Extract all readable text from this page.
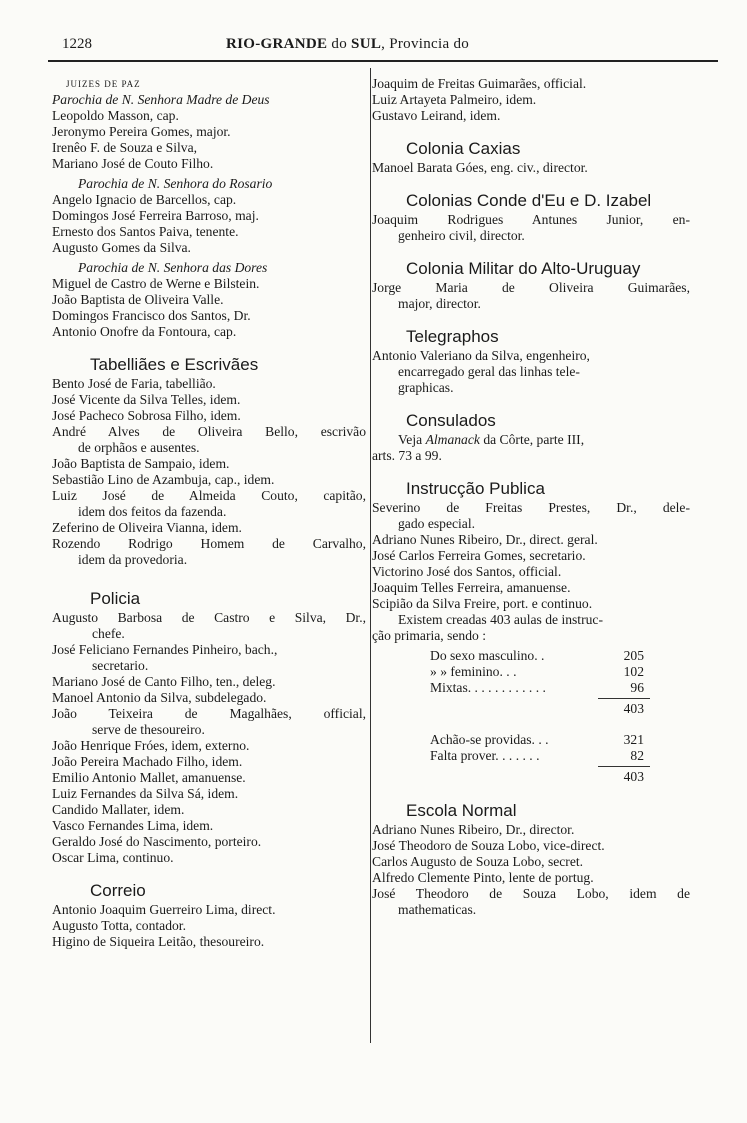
1228	RIO-GRANDE do SUL, Provincia do
JUIZES DE PAZ
Parochia de N. Senhora Madre de Deus
Leopoldo Masson, cap.
Jeronymo Pereira Gomes, major.
Irenêo F. de Souza e Silva,
Mariano José de Couto Filho.
Parochia de N. Senhora do Rosario
Angelo Ignacio de Barcellos, cap.
Domingos José Ferreira Barroso, maj.
Ernesto dos Santos Paiva, tenente.
Augusto Gomes da Silva.
Parochia de N. Senhora das Dores
Miguel de Castro de Werne e Bilstein.
João Baptista de Oliveira Valle.
Domingos Francisco dos Santos, Dr.
Antonio Onofre da Fontoura, cap.
Tabelliães e Escrivães
Bento José de Faria, tabellião.
José Vicente da Silva Telles, idem.
José Pacheco Sobrosa Filho, idem.
André Alves de Oliveira Bello, escrivão
de orphãos e ausentes.
João Baptista de Sampaio, idem.
Sebastião Lino de Azambuja, cap., idem.
Luiz José de Almeida Couto, capitão,
idem dos feitos da fazenda.
Zeferino de Oliveira Vianna, idem.
Rozendo Rodrigo Homem de Carvalho,
idem da provedoria.
Policia
Augusto Barbosa de Castro e Silva, Dr.,
chefe.
José Feliciano Fernandes Pinheiro, bach.,
secretario.
Mariano José de Canto Filho, ten., deleg.
Manoel Antonio da Silva, subdelegado.
João Teixeira de Magalhães, official,
serve de thesoureiro.
João Henrique Fróes, idem, externo.
João Pereira Machado Filho, idem.
Emilio Antonio Mallet, amanuense.
Luiz Fernandes da Silva Sá, idem.
Candido Mallater, idem.
Vasco Fernandes Lima, idem.
Geraldo José do Nascimento, porteiro.
Oscar Lima, continuo.
Correio
Antonio Joaquim Guerreiro Lima, direct.
Augusto Totta, contador.
Higino de Siqueira Leitão, thesoureiro.
Joaquim de Freitas Guimarães, official.
Luiz Artayeta Palmeiro, idem.
Gustavo Leirand, idem.
Colonia Caxias
Manoel Barata Góes, eng. civ., director.
Colonias Conde d'Eu e D. Izabel
Joaquim Rodrigues Antunes Junior, en-
genheiro civil, director.
Colonia Militar do Alto-Uruguay
Jorge Maria de Oliveira Guimarães,
major, director.
Telegraphos
Antonio Valeriano da Silva, engenheiro,
encarregado geral das linhas tele-
graphicas.
Consulados
Veja Almanack da Côrte, parte III,
arts. 73 a 99.
Instrucção Publica
Severino de Freitas Prestes, Dr., dele-
gado especial.
Adriano Nunes Ribeiro, Dr., direct. geral.
José Carlos Ferreira Gomes, secretario.
Victorino José dos Santos, official.
Joaquim Telles Ferreira, amanuense.
Scipião da Silva Freire, port. e continuo.
Existem creadas 403 aulas de instruc-
ção primaria, sendo :
Do sexo masculino. .	205
» » feminino. . .	102
Mixtas. . . . . . . . . . . .	96
403
Achão-se providas. . .	321
Falta prover. . . . . . .	82
403
Escola Normal
Adriano Nunes Ribeiro, Dr., director.
José Theodoro de Souza Lobo, vice-direct.
Carlos Augusto de Souza Lobo, secret.
Alfredo Clemente Pinto, lente de portug.
José Theodoro de Souza Lobo, idem de
mathematicas.
